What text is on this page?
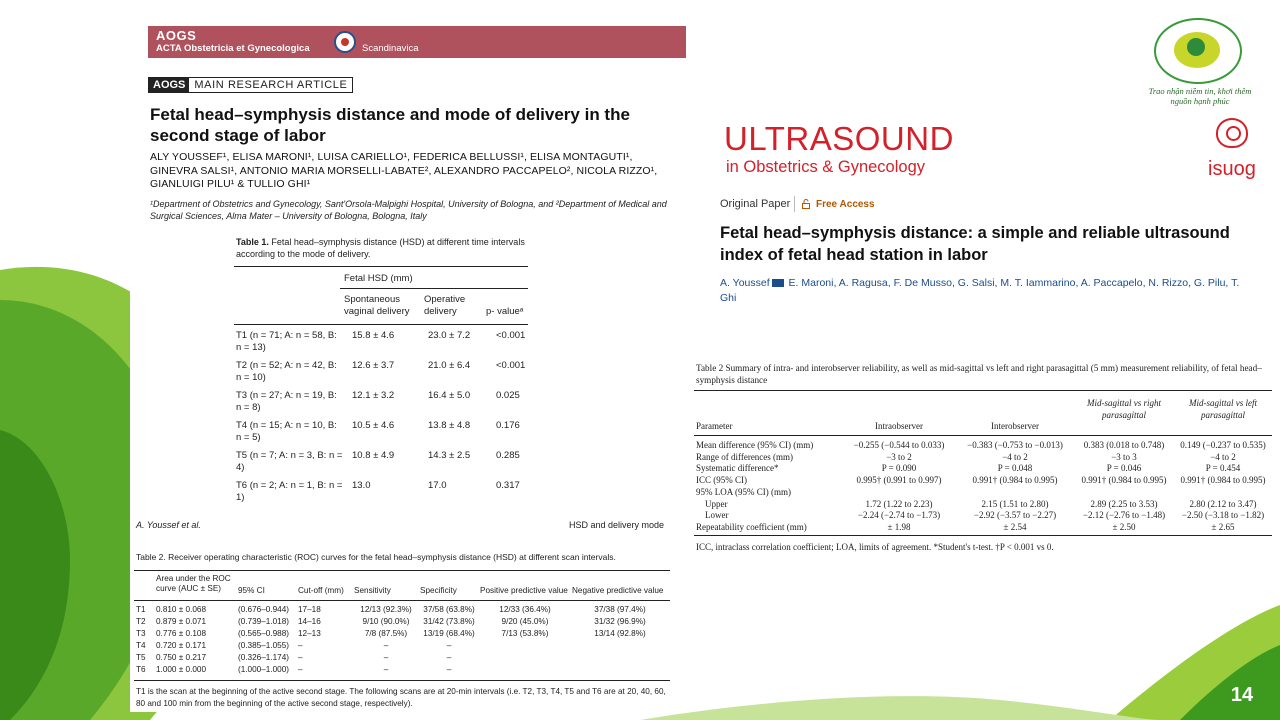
Trao nhận niềm tin, khơi thêm nguồn hạnh phúc
AOGS
ACTA Obstetricia et Gynecologica	Scandinavica
AOGS MAIN RESEARCH ARTICLE
Fetal head–symphysis distance and mode of delivery in the second stage of labor
ALY YOUSSEF¹, ELISA MARONI¹, LUISA CARIELLO¹, FEDERICA BELLUSSI¹, ELISA MONTAGUTI¹, GINEVRA SALSI¹, ANTONIO MARIA MORSELLI-LABATE², ALEXANDRO PACCAPELO², NICOLA RIZZO¹, GIANLUIGI PILU¹ & TULLIO GHI¹
¹Department of Obstetrics and Gynecology, Sant'Orsola-Malpighi Hospital, University of Bologna, and ²Department of Medical and Surgical Sciences, Alma Mater – University of Bologna, Bologna, Italy
Table 1. Fetal head–symphysis distance (HSD) at different time intervals according to the mode of delivery.
Fetal HSD (mm)
Spontaneous vaginal delivery
Operative delivery	p- valueᵃ
T1 (n = 71; A: n = 58, B: n = 13)
15.8 ± 4.6	23.0 ± 7.2	<0.001
T2 (n = 52; A: n = 42, B: n = 10)
12.6 ± 3.7	21.0 ± 6.4	<0.001
T3 (n = 27; A: n = 19, B: n = 8)
12.1 ± 3.2	16.4 ± 5.0	0.025
T4 (n = 15; A: n = 10, B: n = 5)
10.5 ± 4.6	13.8 ± 4.8	0.176
T5 (n = 7; A: n = 3, B: n = 4)
10.8 ± 4.9	14.3 ± 2.5	0.285
T6 (n = 2; A: n = 1, B: n = 1)
13.0	17.0	0.317
A. Youssef et al.	HSD and delivery mode
Table 2. Receiver operating characteristic (ROC) curves for the fetal head–symphysis distance (HSD) at different scan intervals.
Area under the ROC curve (AUC ± SE)	95% CI	Cut-off (mm)	Sensitivity	Specificity	Positive predictive value Negative predictive value
T1	0.810 ± 0.068	(0.676–0.944)	17–18	12/13 (92.3%)	37/58 (63.8%)	12/33 (36.4%)	37/38 (97.4%)
T2	0.879 ± 0.071	(0.739–1.018)	14–16	9/10 (90.0%)	31/42 (73.8%)	9/20 (45.0%)	31/32 (96.9%)
T3	0.776 ± 0.108	(0.565–0.988)	12–13	7/8 (87.5%)	13/19 (68.4%)	7/13 (53.8%)	13/14 (92.8%)
T4	0.720 ± 0.171	(0.385–1.055)	–	–	–
T5	0.750 ± 0.217	(0.326–1.174)	–	–	–
T6	1.000 ± 0.000	(1.000–1.000)	–	–	–
T1 is the scan at the beginning of the active second stage. The following scans are at 20-min intervals (i.e. T2, T3, T4, T5 and T6 are at 20, 40, 60, 80 and 100 min from the beginning of the active second stage, respectively).
ULTRASOUND
in Obstetrics & Gynecology	isuog
Original Paper	Free Access
Fetal head–symphysis distance: a simple and reliable ultrasound index of fetal head station in labor
A. Youssef E. Maroni, A. Ragusa, F. De Musso, G. Salsi, M. T. Iammarino, A. Paccapelo, N. Rizzo, G. Pilu, T. Ghi
Table 2 Summary of intra- and interobserver reliability, as well as mid-sagittal vs left and right parasagittal (5 mm) measurement reliability, of fetal head–symphysis distance
Parameter	Intraobserver	Interobserver
Mid-sagittal vs right parasagittal
Mid-sagittal vs left parasagittal
Mean difference (95% CI) (mm)	−0.255 (−0.544 to 0.033)	−0.383 (−0.753 to −0.013)	0.383 (0.018 to 0.748)	0.149 (−0.237 to 0.535)
Range of differences (mm)	−3 to 2	−4 to 2	−3 to 3	−4 to 2
Systematic difference*	P = 0.090	P = 0.048	P = 0.046	P = 0.454
ICC (95% CI)	0.995† (0.991 to 0.997)	0.991† (0.984 to 0.995)	0.991† (0.984 to 0.995)	0.991† (0.984 to 0.995)
95% LOA (95% CI) (mm)
Upper	1.72 (1.22 to 2.23)	2.15 (1.51 to 2.80)	2.89 (2.25 to 3.53)	2.80 (2.12 to 3.47)
Lower	−2.24 (−2.74 to −1.73)	−2.92 (−3.57 to −2.27)	−2.12 (−2.76 to −1.48)	−2.50 (−3.18 to −1.82)
Repeatability coefficient (mm)	± 1.98	± 2.54	± 2.50	± 2.65
ICC, intraclass correlation coefficient; LOA, limits of agreement. *Student's t-test. †P < 0.001 vs 0.
14
